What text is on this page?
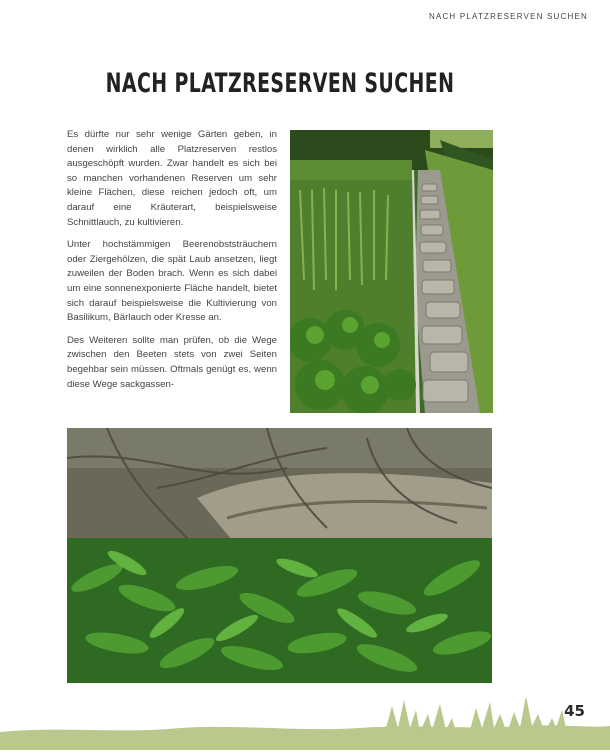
NACH PLATZRESERVEN SUCHEN
NACH PLATZRESERVEN SUCHEN

Es dürfte nur sehr wenige Gärten geben, in denen wirklich alle Platzreserven restlos ausgeschöpft wurden. Zwar handelt es sich bei so manchen vorhandenen Reserven um sehr kleine Flächen, diese reichen jedoch oft, um darauf eine Kräuterart, beispielsweise Schnittlauch, zu kultivieren.

Unter hochstämmigen Beerenobststräuchern oder Ziergehölzen, die spät Laub ansetzen, liegt zuweilen der Boden brach. Wenn es sich dabei um eine sonnenexponierte Fläche handelt, bietet sich darauf beispielsweise die Kultivierung von Basilikum, Bärlauch oder Kresse an.

Des Weiteren sollte man prüfen, ob die Wege zwischen den Beeten stets von zwei Seiten begehbar sein müssen. Oftmals genügt es, wenn diese Wege sackgassen-

45
